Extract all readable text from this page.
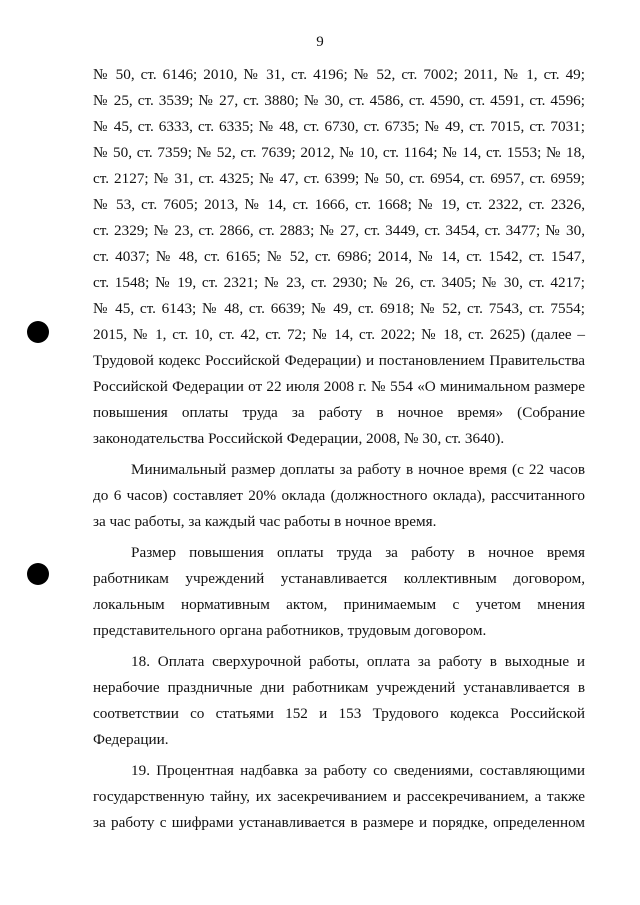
9
№ 50, ст. 6146; 2010, № 31, ст. 4196; № 52, ст. 7002; 2011, № 1, ст. 49;
№ 25, ст. 3539; № 27, ст. 3880; № 30, ст. 4586, ст. 4590, ст. 4591, ст. 4596;
№ 45, ст. 6333, ст. 6335; № 48, ст. 6730, ст. 6735; № 49, ст. 7015, ст. 7031;
№ 50, ст. 7359; № 52, ст. 7639; 2012, № 10, ст. 1164; № 14, ст. 1553; № 18,
ст. 2127; № 31, ст. 4325; № 47, ст. 6399; № 50, ст. 6954, ст. 6957, ст. 6959;
№ 53, ст. 7605; 2013, № 14, ст. 1666, ст. 1668; № 19, ст. 2322, ст. 2326,
ст. 2329; № 23, ст. 2866, ст. 2883; № 27, ст. 3449, ст. 3454, ст. 3477; № 30,
ст. 4037; № 48, ст. 6165; № 52, ст. 6986; 2014, № 14, ст. 1542, ст. 1547,
ст. 1548; № 19, ст. 2321; № 23, ст. 2930; № 26, ст. 3405; № 30, ст. 4217;
№ 45, ст. 6143; № 48, ст. 6639; № 49, ст. 6918; № 52, ст. 7543, ст. 7554;
2015, № 1, ст. 10, ст. 42, ст. 72; № 14, ст. 2022; № 18, ст. 2625) (далее –
Трудовой кодекс Российской Федерации) и постановлением Правительства
Российской Федерации от 22 июля 2008 г. № 554 «О минимальном размере
повышения оплаты труда за работу в ночное время» (Собрание
законодательства Российской Федерации, 2008, № 30, ст. 3640).
Минимальный размер доплаты за работу в ночное время (с 22 часов
до 6 часов) составляет 20% оклада (должностного оклада), рассчитанного
за час работы, за каждый час работы в ночное время.
Размер повышения оплаты труда за работу в ночное время
работникам учреждений устанавливается коллективным договором,
локальным нормативным актом, принимаемым с учетом мнения
представительного органа работников, трудовым договором.
18. Оплата сверхурочной работы, оплата за работу в выходные и
нерабочие праздничные дни работникам учреждений устанавливается в
соответствии со статьями 152 и 153 Трудового кодекса Российской
Федерации.
19. Процентная надбавка за работу со сведениями, составляющими
государственную тайну, их засекречиванием и рассекречиванием, а также
за работу с шифрами устанавливается в размере и порядке, определенном
